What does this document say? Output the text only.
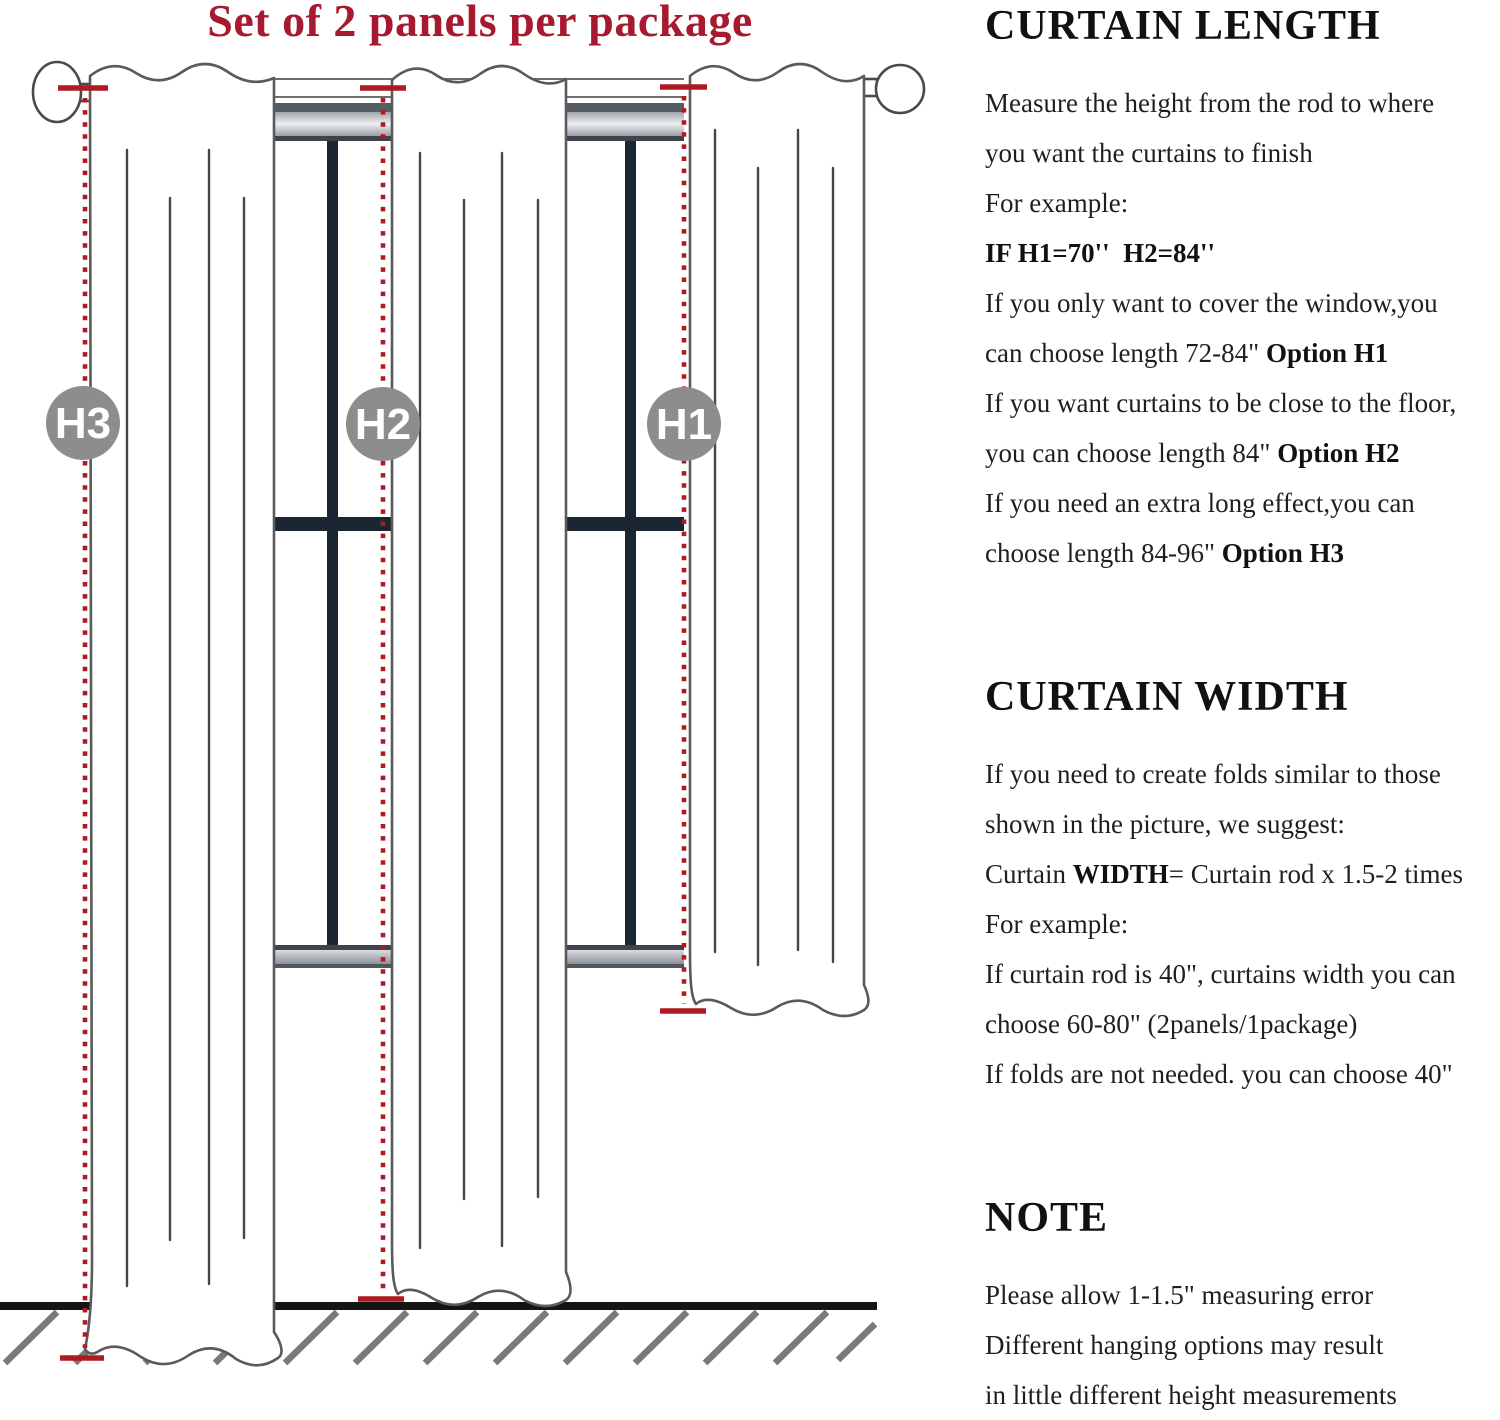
H3	H2	H1
Set of 2 panels per package	CURTAIN LENGTH
Measure the height from the rod to where
you want the curtains to finish
For example:
IF H1=70''  H2=84''
If you only want to cover the window,you
can choose length 72-84" Option H1
If you want curtains to be close to the floor,
you can choose length 84" Option H2
If you need an extra long effect,you can
choose length 84-96" Option H3
CURTAIN WIDTH
If you need to create folds similar to those
shown in the picture, we suggest:
Curtain WIDTH= Curtain rod x 1.5-2 times
For example:
If curtain rod is 40", curtains width you can
choose 60-80" (2panels/1package)
If folds are not needed. you can choose 40"
NOTE
Please allow 1-1.5" measuring error
Different hanging options may result
in little different height measurements
